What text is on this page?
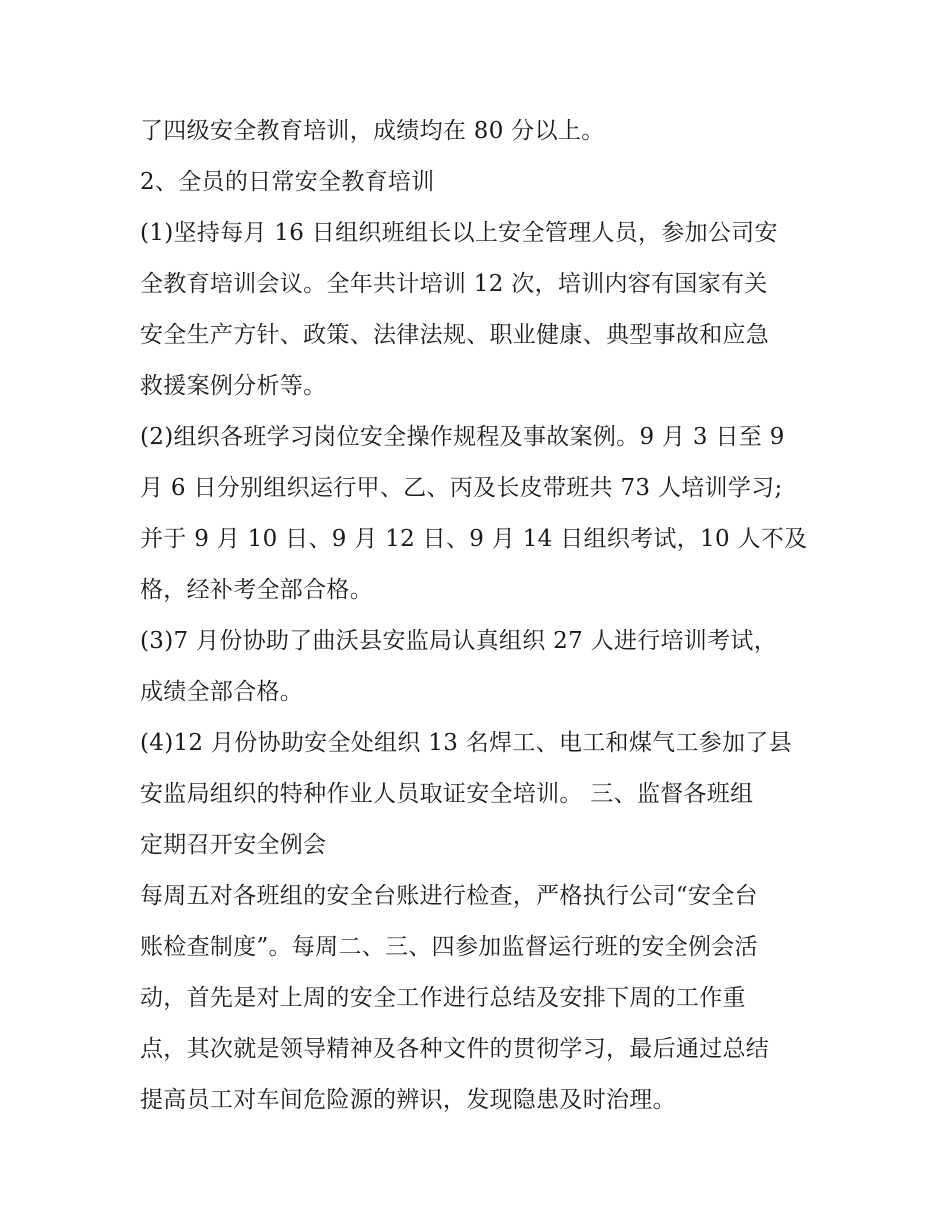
了四级安全教育培训，成绩均在 80 分以上。
2、全员的日常安全教育培训
(1)坚持每月 16 日组织班组长以上安全管理人员，参加公司安
全教育培训会议。全年共计培训 12 次，培训内容有国家有关
安全生产方针、政策、法律法规、职业健康、典型事故和应急
救援案例分析等。
(2)组织各班学习岗位安全操作规程及事故案例。9 月 3 日至 9
月 6 日分别组织运行甲、乙、丙及长皮带班共 73 人培训学习;
并于 9 月 10 日、9 月 12 日、9 月 14 日组织考试，10 人不及
格，经补考全部合格。
(3)7 月份协助了曲沃县安监局认真组织 27 人进行培训考试，
成绩全部合格。
(4)12 月份协助安全处组织 13 名焊工、电工和煤气工参加了县
安监局组织的特种作业人员取证安全培训。 三、监督各班组
定期召开安全例会
每周五对各班组的安全台账进行检查，严格执行公司“安全台
账检查制度”。每周二、三、四参加监督运行班的安全例会活
动，首先是对上周的安全工作进行总结及安排下周的工作重
点，其次就是领导精神及各种文件的贯彻学习，最后通过总结
提高员工对车间危险源的辨识，发现隐患及时治理。
